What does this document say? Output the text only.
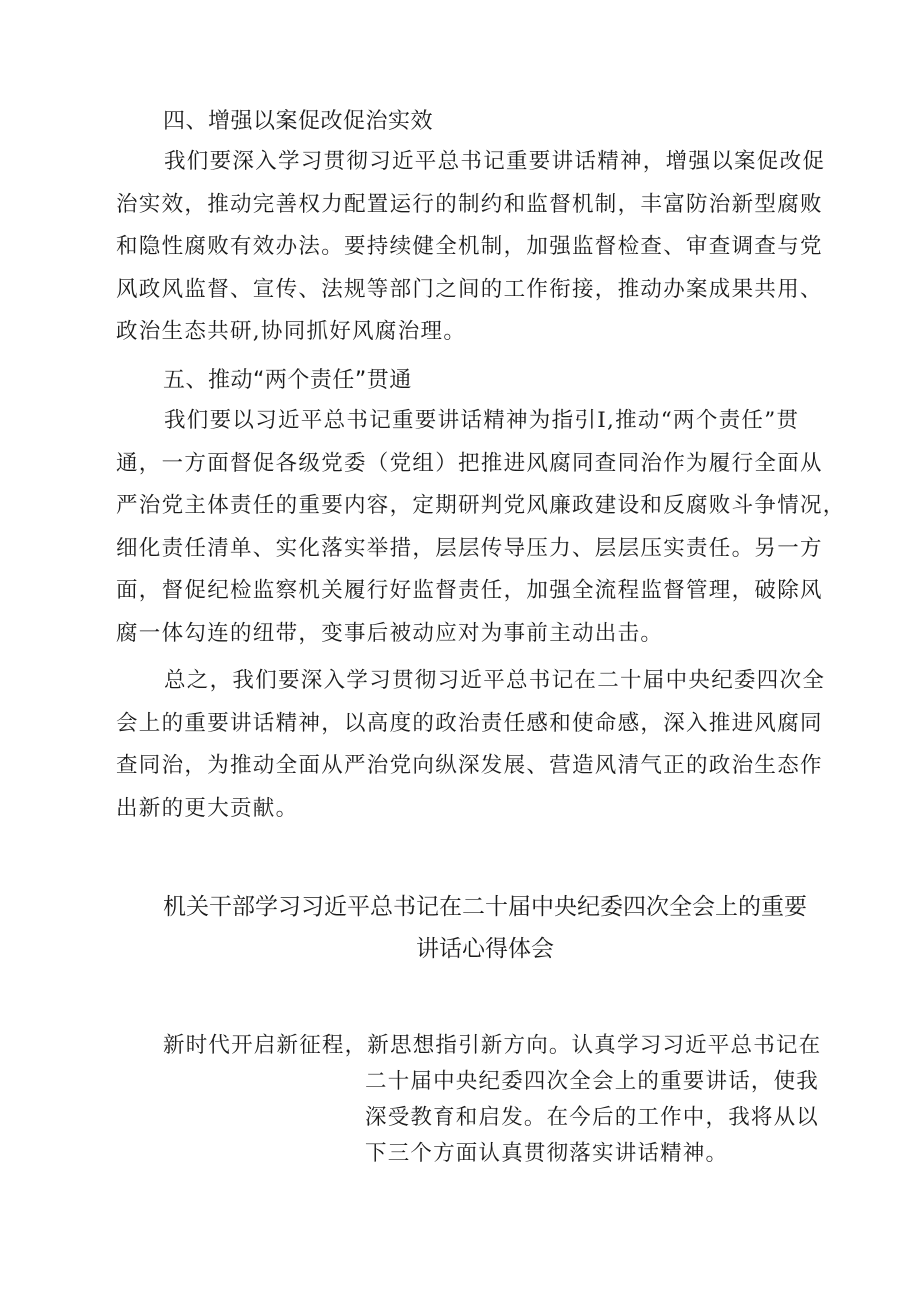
四、增强以案促改促治实效
我们要深入学习贯彻习近平总书记重要讲话精神，增强以案促改促
治实效，推动完善权力配置运行的制约和监督机制，丰富防治新型腐败
和隐性腐败有效办法。要持续健全机制，加强监督检查、审查调查与党
风政风监督、宣传、法规等部门之间的工作衔接，推动办案成果共用、
政治生态共研,协同抓好风腐治理。
五、推动“两个责任”贯通
我们要以习近平总书记重要讲话精神为指引I,推动“两个责任”贯
通，一方面督促各级党委（党组）把推进风腐同查同治作为履行全面从
严治党主体责任的重要内容，定期研判党风廉政建设和反腐败斗争情况，
细化责任清单、实化落实举措，层层传导压力、层层压实责任。另一方
面，督促纪检监察机关履行好监督责任，加强全流程监督管理，破除风
腐一体勾连的纽带，变事后被动应对为事前主动出击。
总之，我们要深入学习贯彻习近平总书记在二十届中央纪委四次全
会上的重要讲话精神，以高度的政治责任感和使命感，深入推进风腐同
查同治，为推动全面从严治党向纵深发展、营造风清气正的政治生态作
出新的更大贡献。
机关干部学习习近平总书记在二十届中央纪委四次全会上的重要
讲话心得体会
新时代开启新征程，新思想指引新方向。认真学习习近平总书记在
二十届中央纪委四次全会上的重要讲话，使我
深受教育和启发。在今后的工作中，我将从以
下三个方面认真贯彻落实讲话精神。
